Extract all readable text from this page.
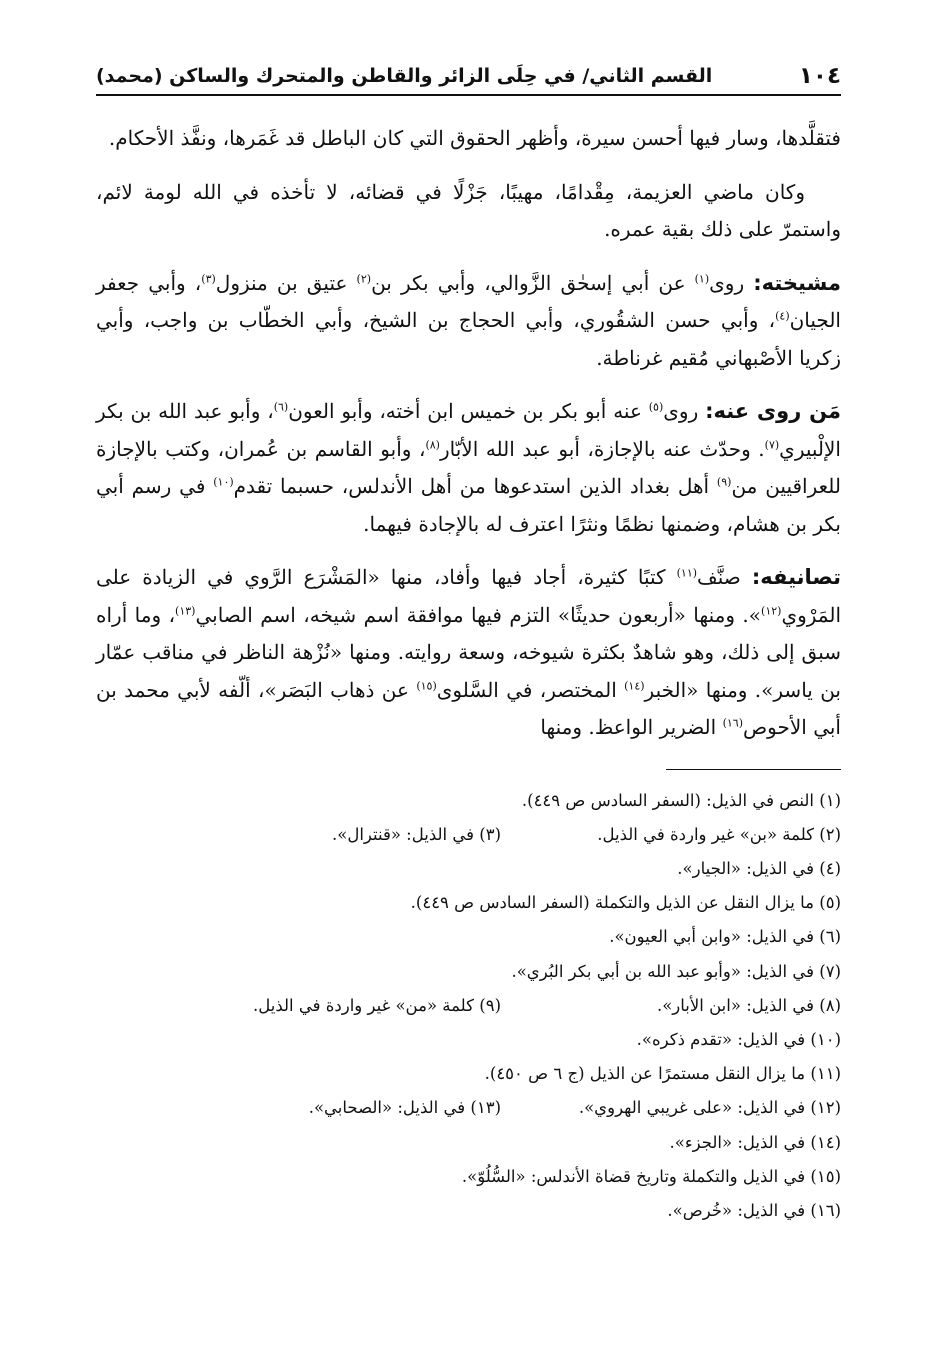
١٠٤
القسم الثاني/ في حِلَى الزائر والقاطن والمتحرك والساكن (محمد)

فتقلَّدها، وسار فيها أحسن سيرة، وأظهر الحقوق التي كان الباطل قد غَمَرها، ونفَّذ الأحكام.

وكان ماضي العزيمة، مِقْدامًا، مهيبًا، جَزْلًا في قضائه، لا تأخذه في الله لومة لائم، واستمرّ على ذلك بقية عمره.

مشيخته: روى$^{(١)}$ عن أبي إسحٰق الزَّوالي، وأبي بكر بن$^{(٢)}$ عتيق بن منزول$^{(٣)}$، وأبي جعفر الجيان$^{(٤)}$، وأبي حسن الشقُوري، وأبي الحجاج بن الشيخ، وأبي الخطّاب بن واجب، وأبي زكريا الأصْبهاني مُقيم غرناطة.

مَن روى عنه: روى$^{(٥)}$ عنه أبو بكر بن خميس ابن أخته، وأبو العون$^{(٦)}$، وأبو عبد الله بن بكر الإلْبيري$^{(٧)}$. وحدّث عنه بالإجازة، أبو عبد الله الأبّار$^{(٨)}$، وأبو القاسم بن عُمران، وكتب بالإجازة للعراقيين من$^{(٩)}$ أهل بغداد الذين استدعوها من أهل الأندلس، حسبما تقدم$^{(١٠)}$ في رسم أبي بكر بن هشام، وضمنها نظمًا ونثرًا اعترف له بالإجادة فيهما.

تصانيفه: صنَّف$^{(١١)}$ كتبًا كثيرة، أجاد فيها وأفاد، منها «المَشْرَع الرَّوي في الزيادة على المَرْوي$^{(١٢)}$». ومنها «أربعون حديثًا» التزم فيها موافقة اسم شيخه، اسم الصابي$^{(١٣)}$، وما أراه سبق إلى ذلك، وهو شاهدٌ بكثرة شيوخه، وسعة روايته. ومنها «نُزْهة الناظر في مناقب عمّار بن ياسر». ومنها «الخبر$^{(١٤)}$ المختصر، في السَّلوى$^{(١٥)}$ عن ذهاب البَصَر»، ألّفه لأبي محمد بن أبي الأحوص$^{(١٦)}$ الضرير الواعظ. ومنها

(١) النص في الذيل: (السفر السادس ص ٤٤٩).
(٢) كلمة «بن» غير واردة في الذيل.
(٣) في الذيل: «قنترال».
(٤) في الذيل: «الجيار».
(٥) ما يزال النقل عن الذيل والتكملة (السفر السادس ص ٤٤٩).
(٦) في الذيل: «وابن أبي العيون».
(٧) في الذيل: «وأبو عبد الله بن أبي بكر البُري».
(٨) في الذيل: «ابن الأبار».
(٩) كلمة «من» غير واردة في الذيل.
(١٠) في الذيل: «تقدم ذكره».
(١١) ما يزال النقل مستمرًا عن الذيل (ج ٦ ص ٤٥٠).
(١٢) في الذيل: «على غريبي الهروي».
(١٣) في الذيل: «الصحابي».
(١٤) في الذيل: «الجزء».
(١٥) في الذيل والتكملة وتاريخ قضاة الأندلس: «السُّلُوّ».
(١٦) في الذيل: «خُرص».
